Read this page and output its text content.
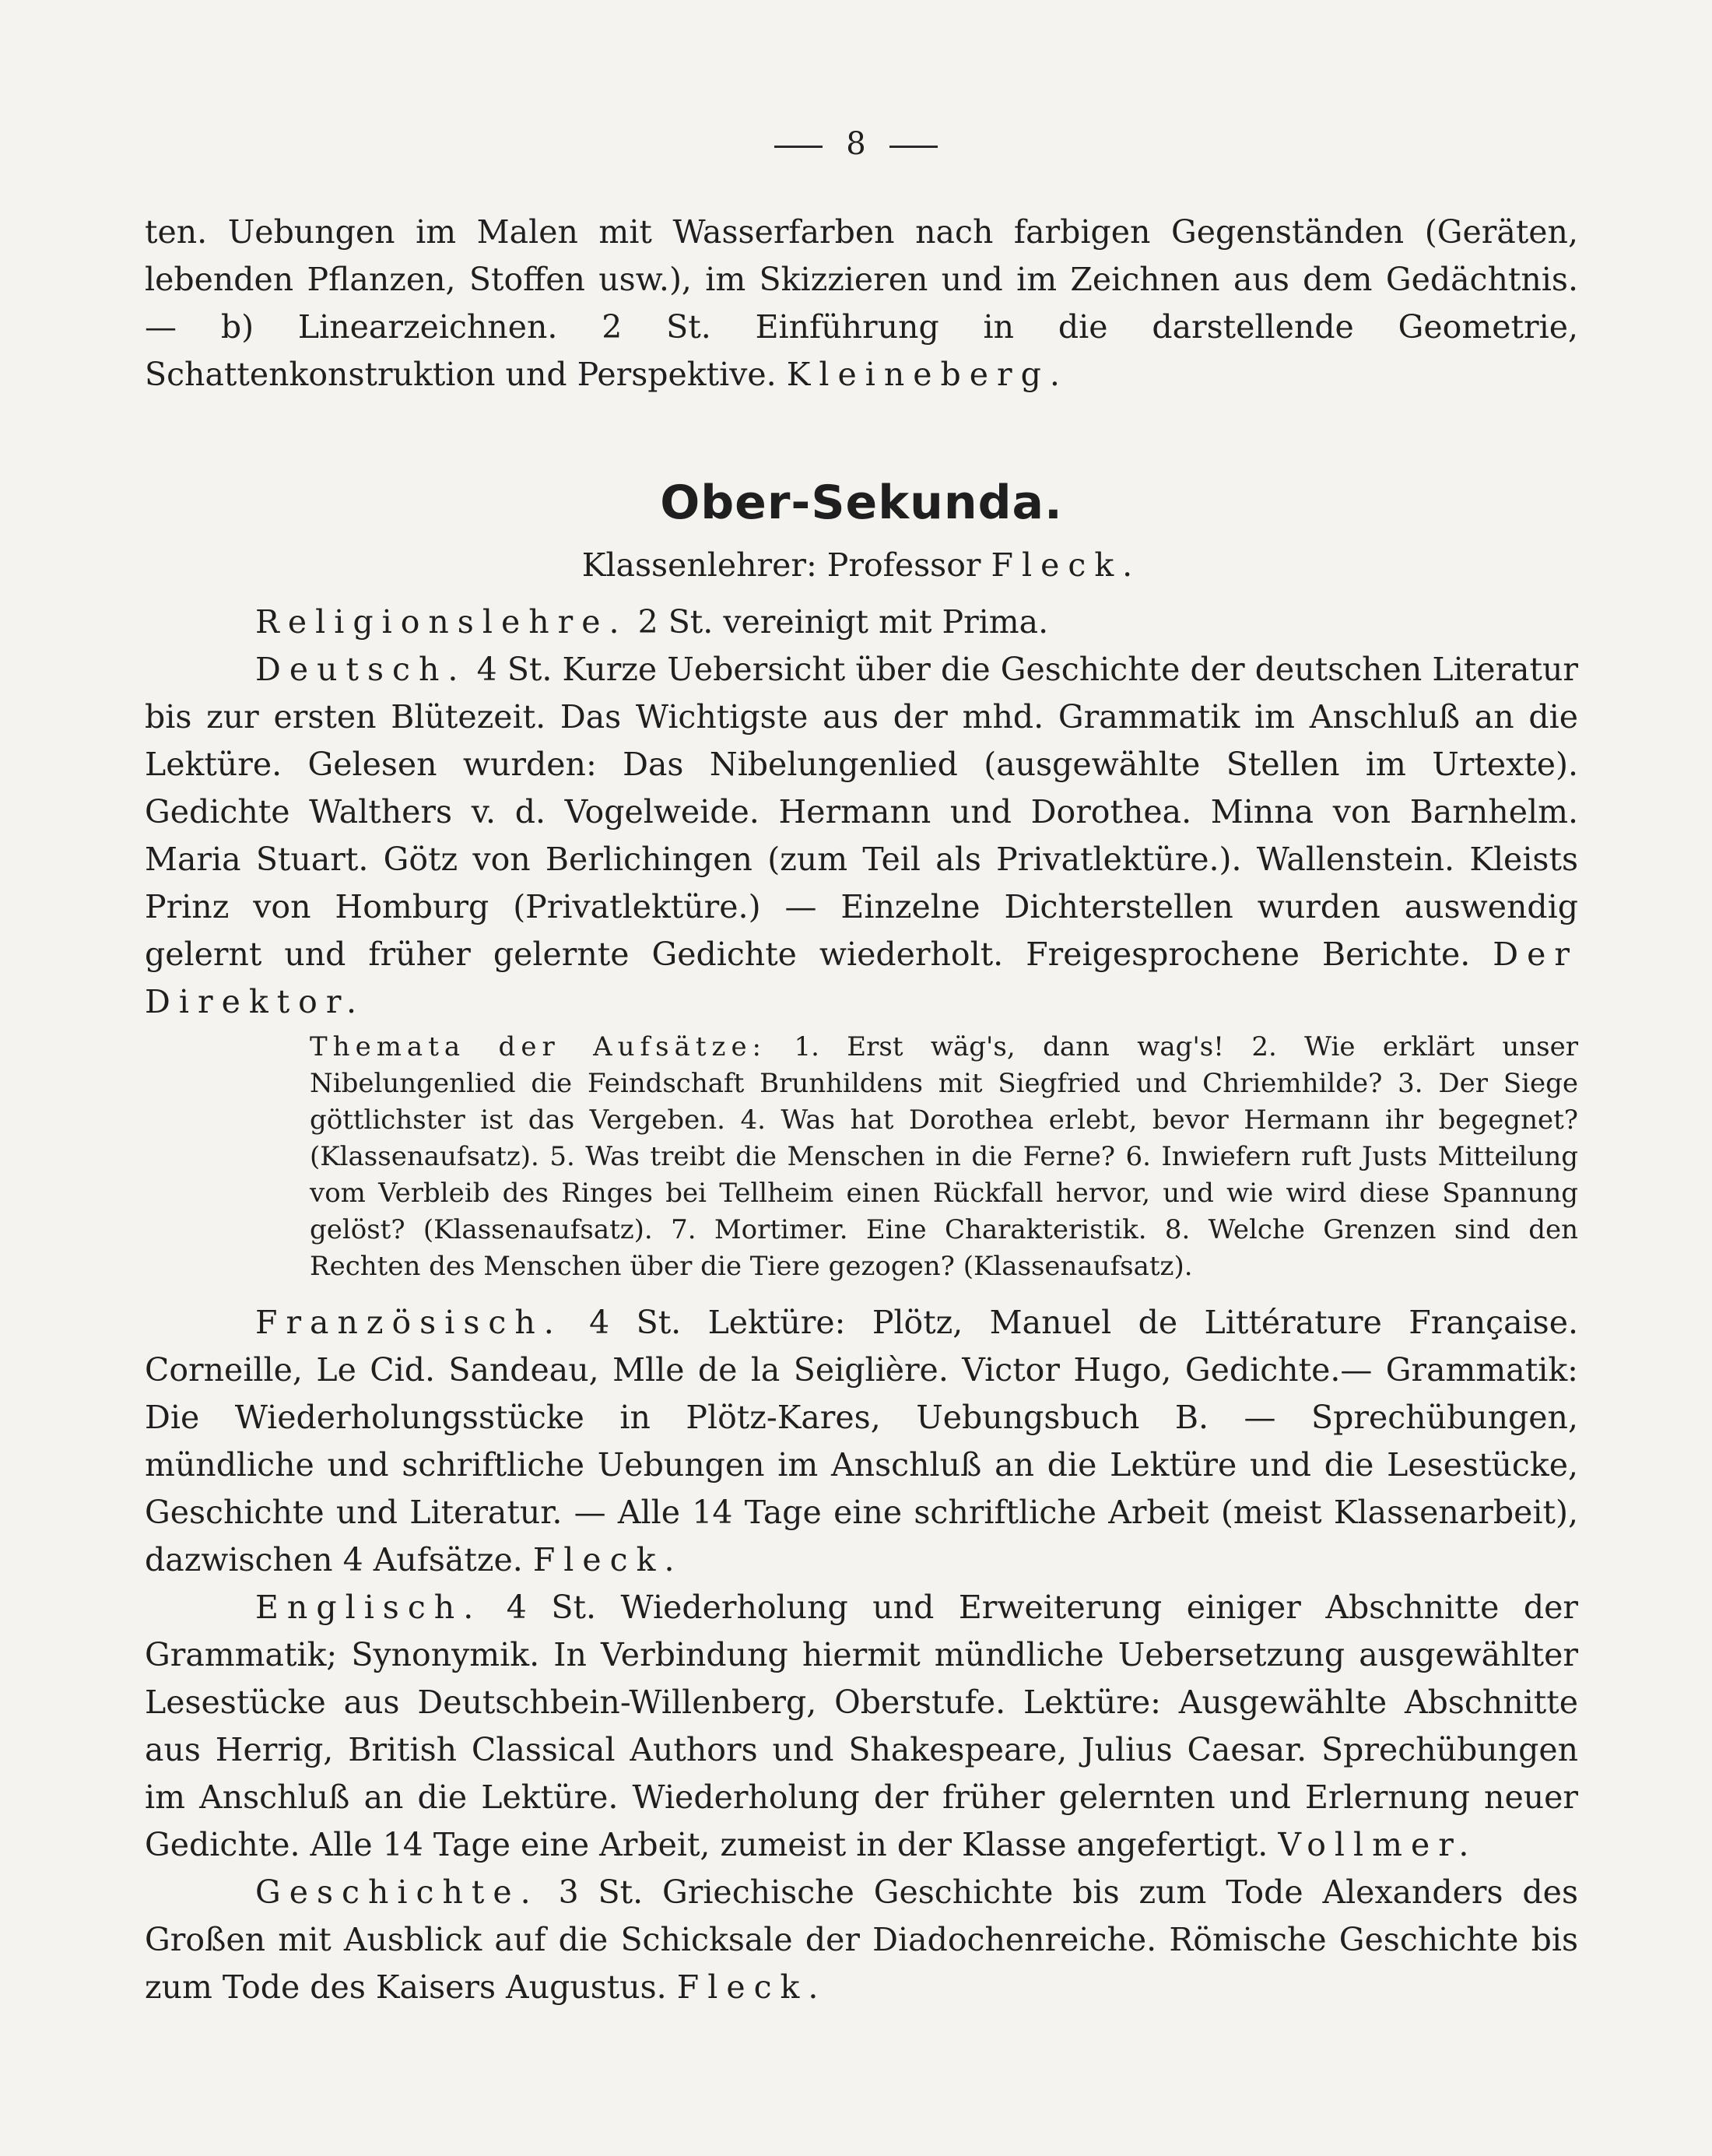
8

ten. Uebungen im Malen mit Wasserfarben nach farbigen Gegenständen (Geräten, lebenden Pflanzen, Stoffen usw.), im Skizzieren und im Zeichnen aus dem Gedächtnis. — b) Linearzeichnen. 2 St. Einführung in die darstellende Geometrie, Schattenkonstruktion und Perspektive. Kleineberg.

Ober-Sekunda.
Klassenlehrer: Professor Fleck.

Religionslehre. 2 St. vereinigt mit Prima.

Deutsch. 4 St. Kurze Uebersicht über die Geschichte der deutschen Literatur bis zur ersten Blütezeit. Das Wichtigste aus der mhd. Grammatik im Anschluß an die Lektüre. Gelesen wurden: Das Nibelungenlied (ausgewählte Stellen im Urtexte). Gedichte Walthers v. d. Vogelweide. Hermann und Dorothea. Minna von Barnhelm. Maria Stuart. Götz von Berlichingen (zum Teil als Privatlektüre.). Wallenstein. Kleists Prinz von Homburg (Privatlektüre.) — Einzelne Dichterstellen wurden auswendig gelernt und früher gelernte Gedichte wiederholt. Freigesprochene Berichte. Der Direktor.

Themata der Aufsätze: 1. Erst wäg's, dann wag's! 2. Wie erklärt unser Nibelungenlied die Feindschaft Brunhildens mit Siegfried und Chriemhilde? 3. Der Siege göttlichster ist das Vergeben. 4. Was hat Dorothea erlebt, bevor Hermann ihr begegnet? (Klassenaufsatz). 5. Was treibt die Menschen in die Ferne? 6. Inwiefern ruft Justs Mitteilung vom Verbleib des Ringes bei Tellheim einen Rückfall hervor, und wie wird diese Spannung gelöst? (Klassenaufsatz). 7. Mortimer. Eine Charakteristik. 8. Welche Grenzen sind den Rechten des Menschen über die Tiere gezogen? (Klassenaufsatz).

Französisch. 4 St. Lektüre: Plötz, Manuel de Littérature Française. Corneille, Le Cid. Sandeau, Mlle de la Seiglière. Victor Hugo, Gedichte.— Grammatik: Die Wiederholungsstücke in Plötz-Kares, Uebungsbuch B. — Sprechübungen, mündliche und schriftliche Uebungen im Anschluß an die Lektüre und die Lesestücke, Geschichte und Literatur. — Alle 14 Tage eine schriftliche Arbeit (meist Klassenarbeit), dazwischen 4 Aufsätze. Fleck.

Englisch. 4 St. Wiederholung und Erweiterung einiger Abschnitte der Grammatik; Synonymik. In Verbindung hiermit mündliche Uebersetzung ausgewählter Lesestücke aus Deutschbein-Willenberg, Oberstufe. Lektüre: Ausgewählte Abschnitte aus Herrig, British Classical Authors und Shakespeare, Julius Caesar. Sprechübungen im Anschluß an die Lektüre. Wiederholung der früher gelernten und Erlernung neuer Gedichte. Alle 14 Tage eine Arbeit, zumeist in der Klasse angefertigt. Vollmer.

Geschichte. 3 St. Griechische Geschichte bis zum Tode Alexanders des Großen mit Ausblick auf die Schicksale der Diadochenreiche. Römische Geschichte bis zum Tode des Kaisers Augustus. Fleck.
